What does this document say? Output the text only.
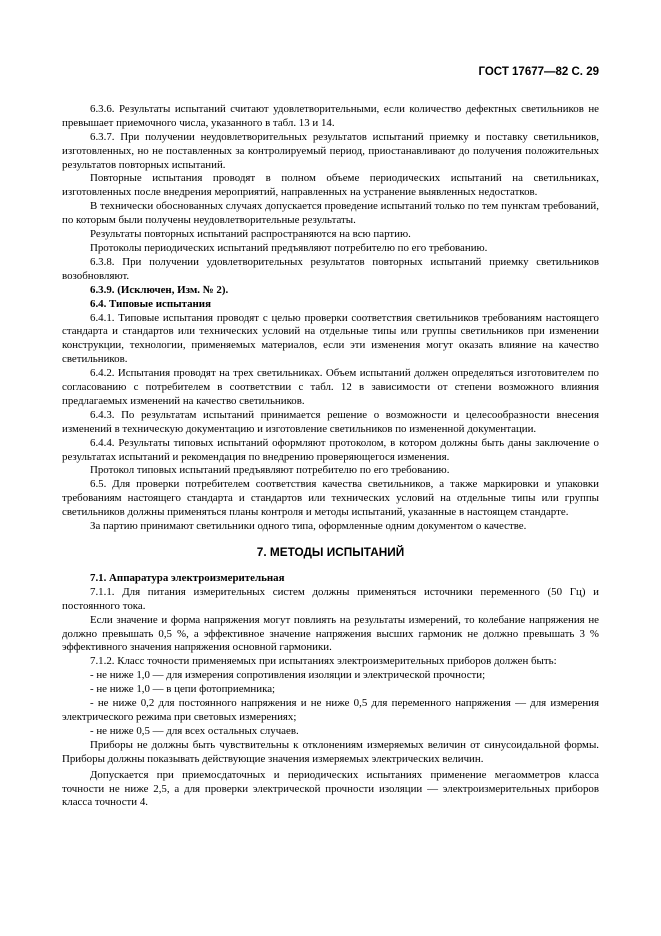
ГОСТ 17677—82 С. 29

6.3.6. Результаты испытаний считают удовлетворительными, если количество дефектных светильников не превышает приемочного числа, указанного в табл. 13 и 14.

6.3.7. При получении неудовлетворительных результатов испытаний приемку и поставку светильников, изготовленных, но не поставленных за контролируемый период, приостанавливают до получения положительных результатов повторных испытаний.

Повторные испытания проводят в полном объеме периодических испытаний на светильниках, изготовленных после внедрения мероприятий, направленных на устранение выявленных недостатков.

В технически обоснованных случаях допускается проведение испытаний только по тем пунктам требований, по которым были получены неудовлетворительные результаты.

Результаты повторных испытаний распространяются на всю партию.

Протоколы периодических испытаний предъявляют потребителю по его требованию.

6.3.8. При получении удовлетворительных результатов повторных испытаний приемку светильников возобновляют.

6.3.9. (Исключен, Изм. № 2).

6.4. Типовые испытания

6.4.1. Типовые испытания проводят с целью проверки соответствия светильников требованиям настоящего стандарта и стандартов или технических условий на отдельные типы или группы светильников при изменении конструкции, технологии, применяемых материалов, если эти изменения могут оказать влияние на качество светильников.

6.4.2. Испытания проводят на трех светильниках. Объем испытаний должен определяться изготовителем по согласованию с потребителем в соответствии с табл. 12 в зависимости от степени возможного влияния предлагаемых изменений на качество светильников.

6.4.3. По результатам испытаний принимается решение о возможности и целесообразности внесения изменений в техническую документацию и изготовление светильников по измененной документации.

6.4.4. Результаты типовых испытаний оформляют протоколом, в котором должны быть даны заключение о результатах испытаний и рекомендация по внедрению проверяющегося изменения.

Протокол типовых испытаний предъявляют потребителю по его требованию.

6.5. Для проверки потребителем соответствия качества светильников, а также маркировки и упаковки требованиям настоящего стандарта и стандартов или технических условий на отдельные типы или группы светильников должны применяться планы контроля и методы испытаний, указанные в настоящем стандарте.

За партию принимают светильники одного типа, оформленные одним документом о качестве.

7. МЕТОДЫ ИСПЫТАНИЙ

7.1. Аппаратура электроизмерительная

7.1.1. Для питания измерительных систем должны применяться источники переменного (50 Гц) и постоянного тока.

Если значение и форма напряжения могут повлиять на результаты измерений, то колебание напряжения не должно превышать 0,5 %, а эффективное значение напряжения высших гармоник не должно превышать 3 % эффективного значения напряжения основной гармоники.

7.1.2. Класс точности применяемых при испытаниях электроизмерительных приборов должен быть:

- не ниже 1,0 — для измерения сопротивления изоляции и электрической прочности;

- не ниже 1,0 — в цепи фотоприемника;

- не ниже 0,2 для постоянного напряжения и не ниже 0,5 для переменного напряжения — для измерения электрического режима при световых измерениях;

- не ниже 0,5 — для всех остальных случаев.

Приборы не должны быть чувствительны к отклонениям измеряемых величин от синусоидальной формы. Приборы должны показывать действующие значения измеряемых электрических величин.

Допускается при приемосдаточных и периодических испытаниях применение мегаомметров класса точности не ниже 2,5, а для проверки электрической прочности изоляции — электроизмерительных приборов класса точности 4.
